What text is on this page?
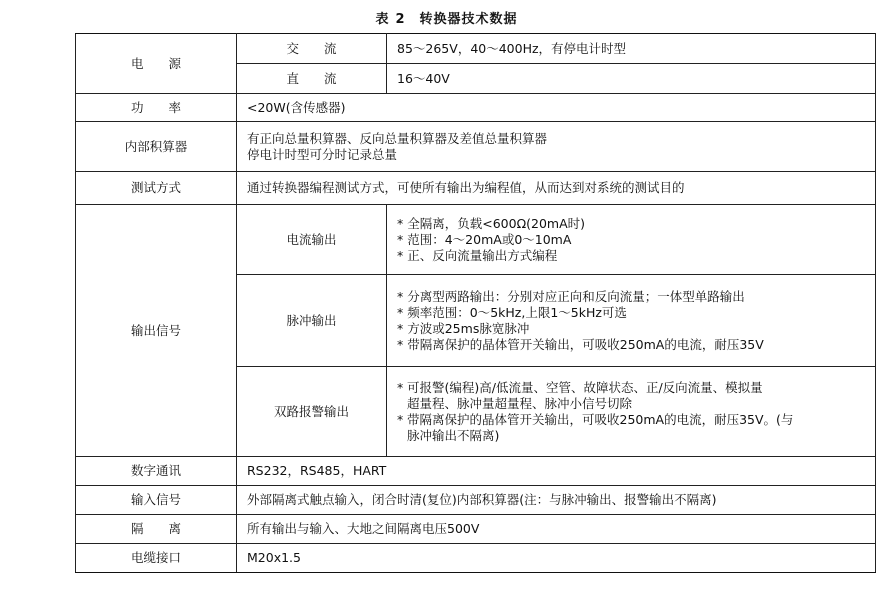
表 2 转换器技术数据
电　　源	交　　流	85～265V，40～400Hz，有停电计时型
	直　　流	16～40V
功　　率	<20W(含传感器)	
内部积算器	有正向总量积算器、反向总量积算器及差值总量积算器
停电计时型可分时记录总量	

测试方式	通过转换器编程测试方式，可使所有输出为编程值，从而达到对系统的测试目的	
输出信号	电流输出	* 全隔离，负载<600Ω(20mA时)
* 范围：4～20mA或0～10mA
* 正、反向流量输出方式编程

	脉冲输出	* 分离型两路输出：分别对应正向和反向流量；一体型单路输出
* 频率范围：0～5kHz,上限1～5kHz可选
* 方波或25ms脉宽脉冲
* 带隔离保护的晶体管开关输出，可吸收250mA的电流，耐压35V

	双路报警输出	* 可报警(编程)高/低流量、空管、故障状态、正/反向流量、模拟量
超量程、脉冲量超量程、脉冲小信号切除
* 带隔离保护的晶体管开关输出，可吸收250mA的电流，耐压35V。(与
脉冲输出不隔离)

数字通讯	RS232，RS485，HART	
输入信号	外部隔离式触点输入，闭合时清(复位)内部积算器(注：与脉冲输出、报警输出不隔离)	
隔　　离	所有输出与输入、大地之间隔离电压500V	
电缆接口	M20x1.5	
